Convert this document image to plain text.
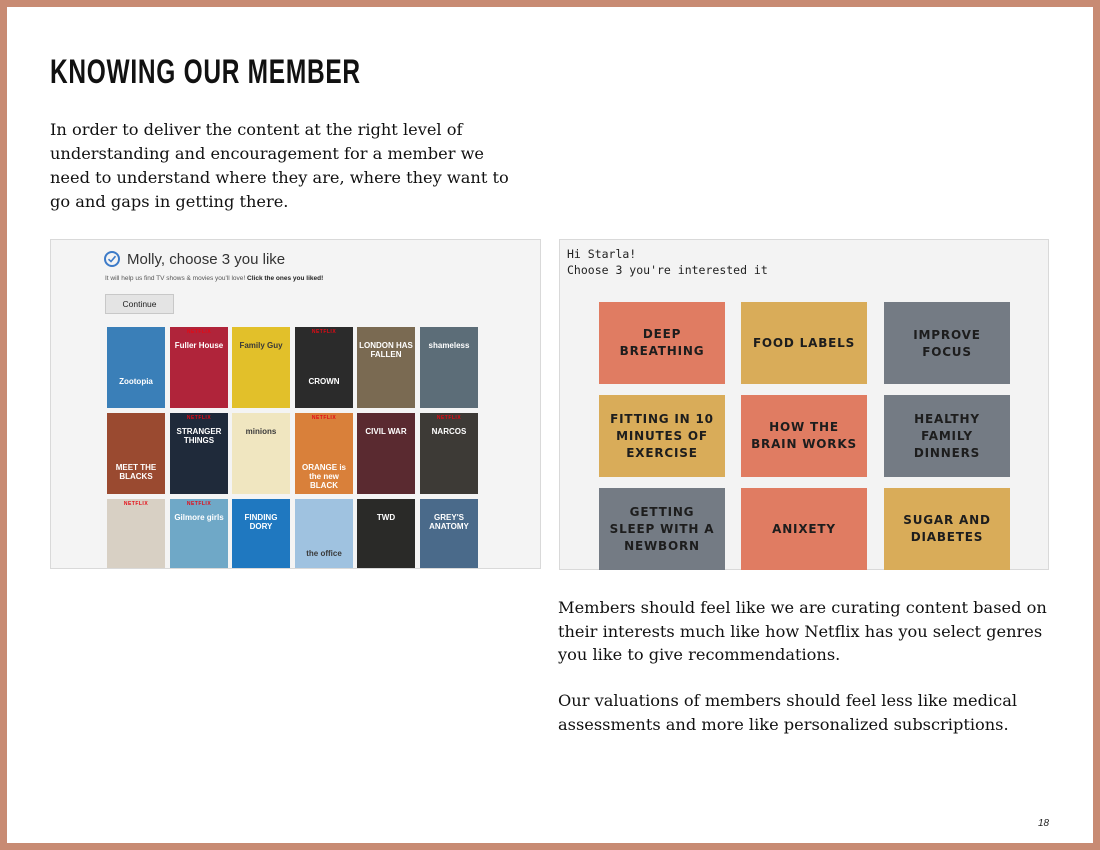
KNOWING OUR MEMBER
In order to deliver the content at the right level of understanding and encouragement for a member we need to understand where they are, where they want to go and gaps in getting there.
Molly, choose 3 you like
It will help us find TV shows & movies you'll love! Click the ones you liked!
Continue
Zootopia
NETFLIX
Fuller House	Family Guy
NETFLIX
CROWN
LONDON HAS FALLEN
shameless
MEET THE BLACKS
NETFLIX
STRANGER THINGS
minions
NETFLIX
ORANGE is the new BLACK
CIVIL WAR
NETFLIX
NARCOS
NETFLIX	NETFLIX
Gilmore girls	FINDING DORY
the office
TWD	GREY'S ANATOMY
Hi Starla!
Choose 3 you're interested it
DEEP BREATHING
FOOD LABELS
IMPROVE FOCUS
FITTING IN 10 MINUTES OF EXERCISE
HOW THE BRAIN WORKS
HEALTHY FAMILY DINNERS
GETTING SLEEP WITH A NEWBORN
ANIXETY
SUGAR AND DIABETES
Members should feel like we are curating content based on their interests much like how Netflix has you select genres you like to give recommendations.
Our valuations of members should feel less like medical assessments and more like personalized subscriptions.
18
